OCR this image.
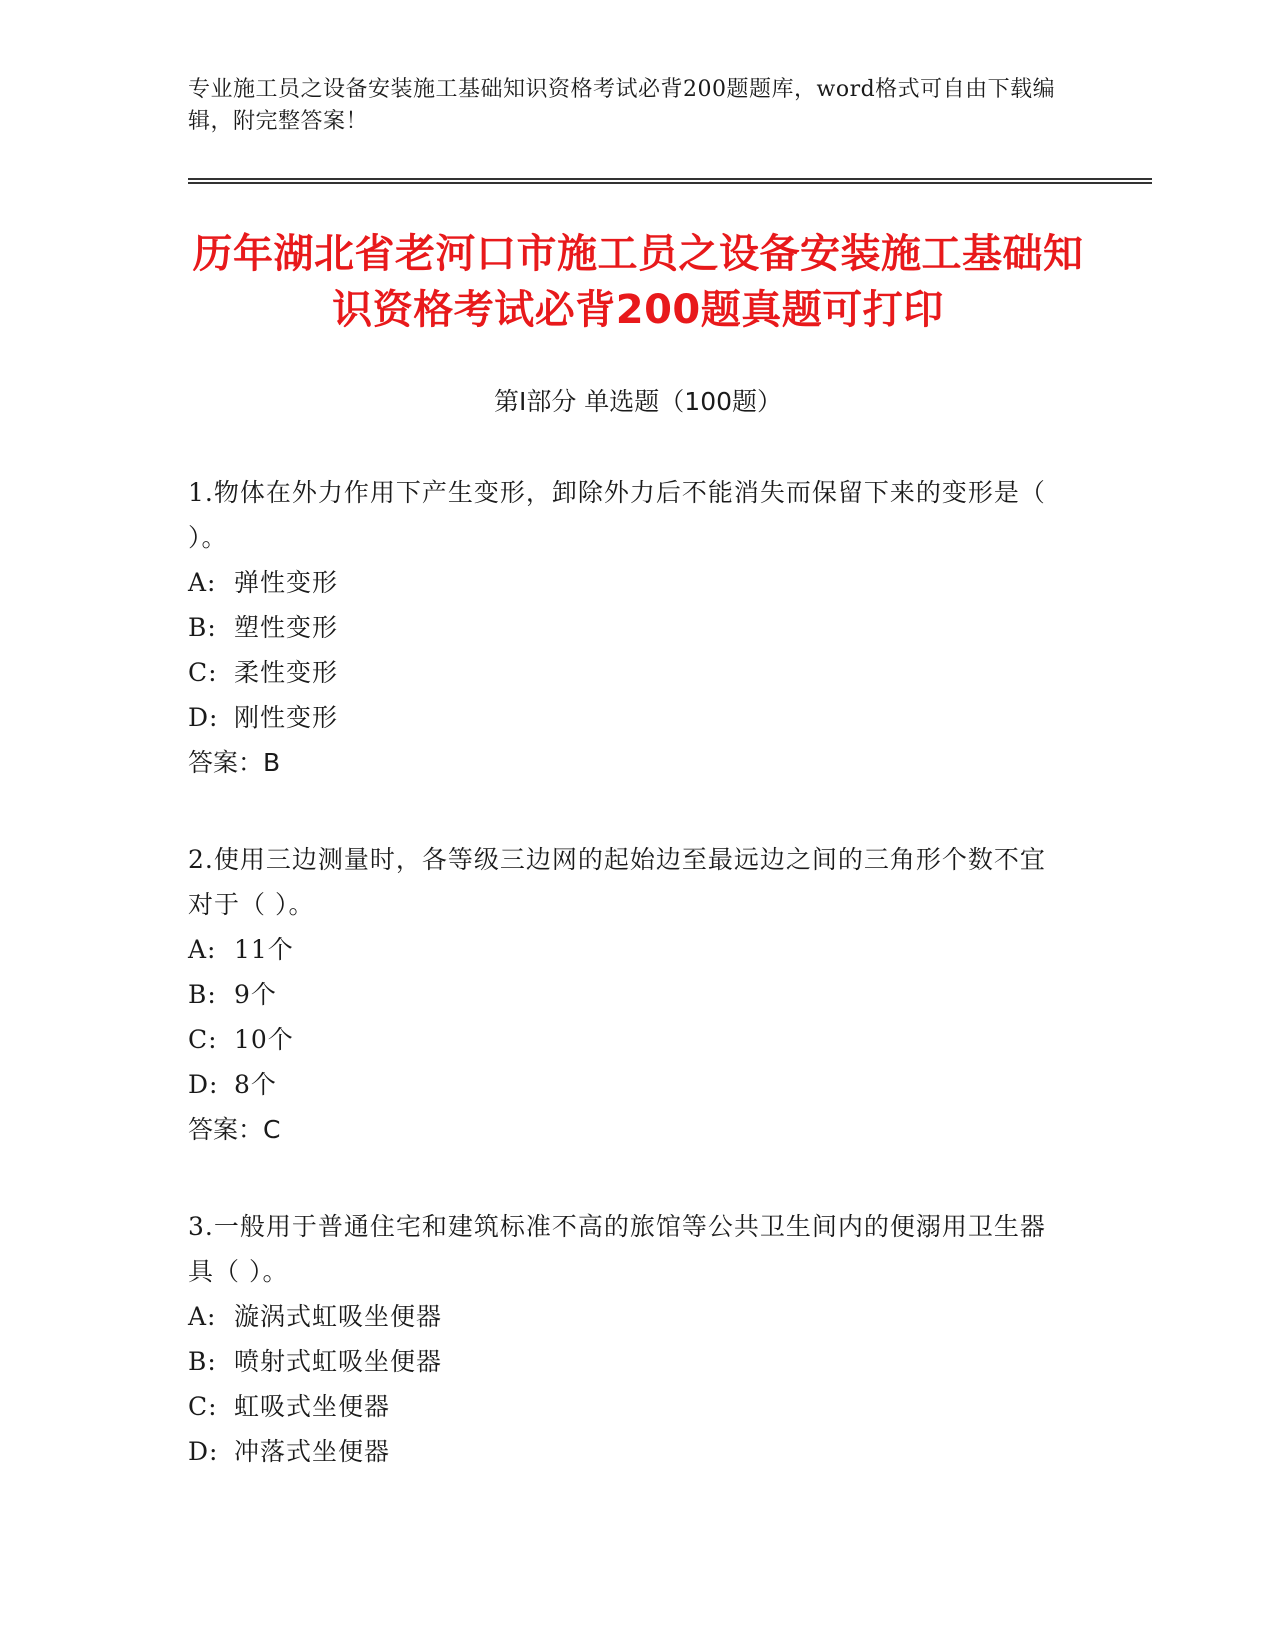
专业施工员之设备安装施工基础知识资格考试必背200题题库，word格式可自由下载编辑，附完整答案！
历年湖北省老河口市施工员之设备安装施工基础知识资格考试必背200题真题可打印
第Ⅰ部分 单选题（100题）
1.物体在外力作用下产生变形，卸除外力后不能消失而保留下来的变形是（ ）。
A: 弹性变形
B: 塑性变形
C: 柔性变形
D: 刚性变形
答案：B
2.使用三边测量时，各等级三边网的起始边至最远边之间的三角形个数不宜对于（ ）。
A: 11个
B: 9个
C: 10个
D: 8个
答案：C
3.一般用于普通住宅和建筑标准不高的旅馆等公共卫生间内的便溺用卫生器具（ ）。
A: 漩涡式虹吸坐便器
B: 喷射式虹吸坐便器
C: 虹吸式坐便器
D: 冲落式坐便器
